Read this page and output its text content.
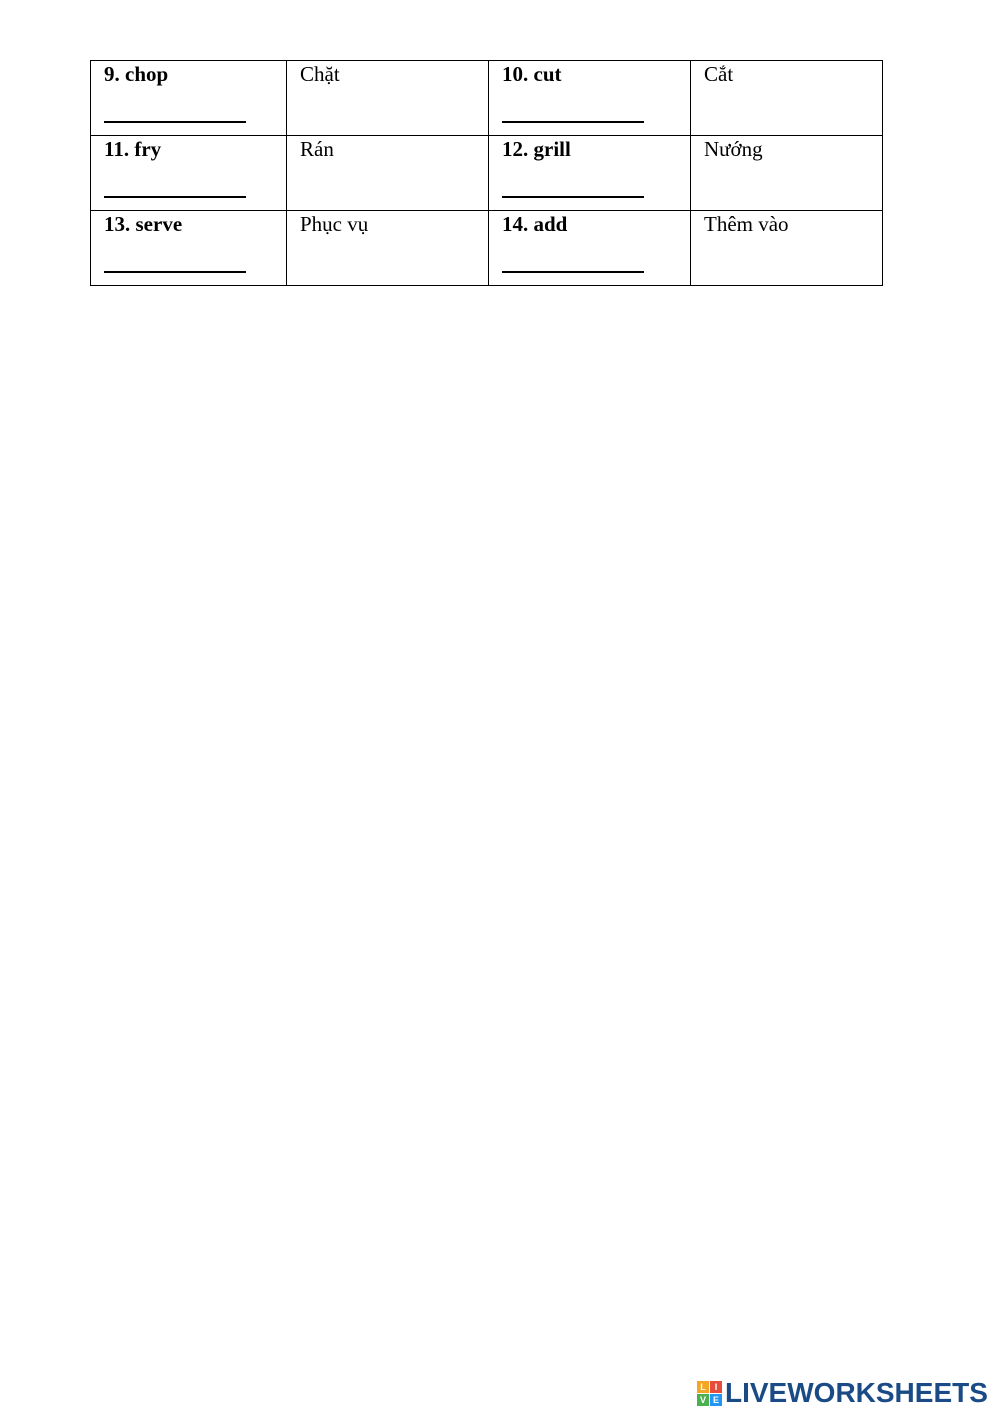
9. chop	Chặt	10. cut	Cắt

11. fry	Rán	12. grill	Nướng

13. serve	Phục vụ	14. add	Thêm vào
L I
V E LIVEWORKSHEETS
